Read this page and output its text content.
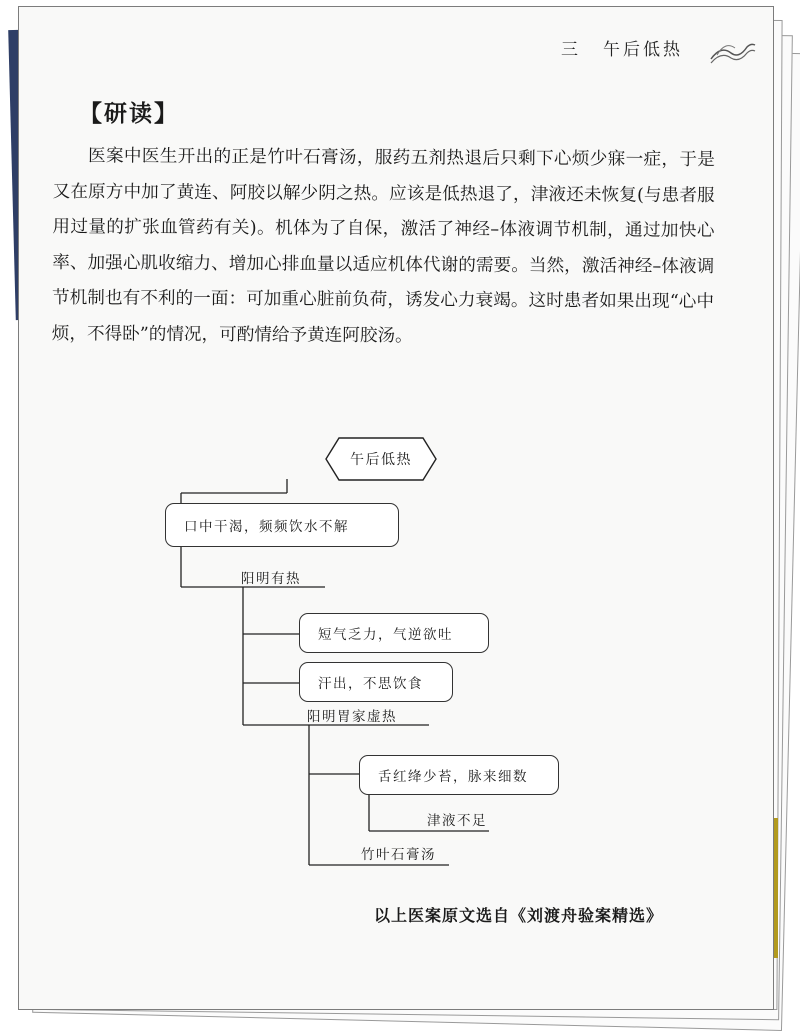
三 午后低热
【研读】

医案中医生开出的正是竹叶石膏汤，服药五剂热退后只剩下心烦少寐一症，于是又在原方中加了黄连、阿胶以解少阴之热。应该是低热退了，津液还未恢复(与患者服用过量的扩张血管药有关)。机体为了自保，激活了神经–体液调节机制，通过加快心率、加强心肌收缩力、增加心排血量以适应机体代谢的需要。当然，激活神经–体液调节机制也有不利的一面：可加重心脏前负荷，诱发心力衰竭。这时患者如果出现“心中烦，不得卧”的情况，可酌情给予黄连阿胶汤。

午后低热
口中干渴，频频饮水不解
阳明有热
短气乏力，气逆欲吐
汗出，不思饮食
阳明胃家虚热
舌红绛少苔，脉来细数
津液不足
竹叶石膏汤
以上医案原文选自《刘渡舟验案精选》
